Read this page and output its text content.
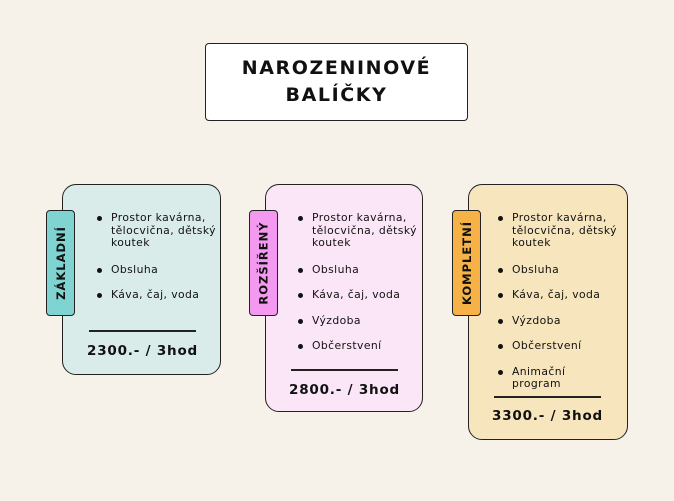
NAROZENINOVÉ
BALÍČKY
ZÁKLADNÍ
Prostor kavárna, tělocvična, dětský koutek
Obsluha
Káva, čaj, voda
2300.- / 3hod
ROZŠÍŘENÝ
Prostor kavárna, tělocvična, dětský koutek
Obsluha
Káva, čaj, voda
Výzdoba
Občerstvení
2800.- / 3hod
KOMPLETNÍ
Prostor kavárna, tělocvična, dětský koutek
Obsluha
Káva, čaj, voda
Výzdoba
Občerstvení
Animační program
3300.- / 3hod
